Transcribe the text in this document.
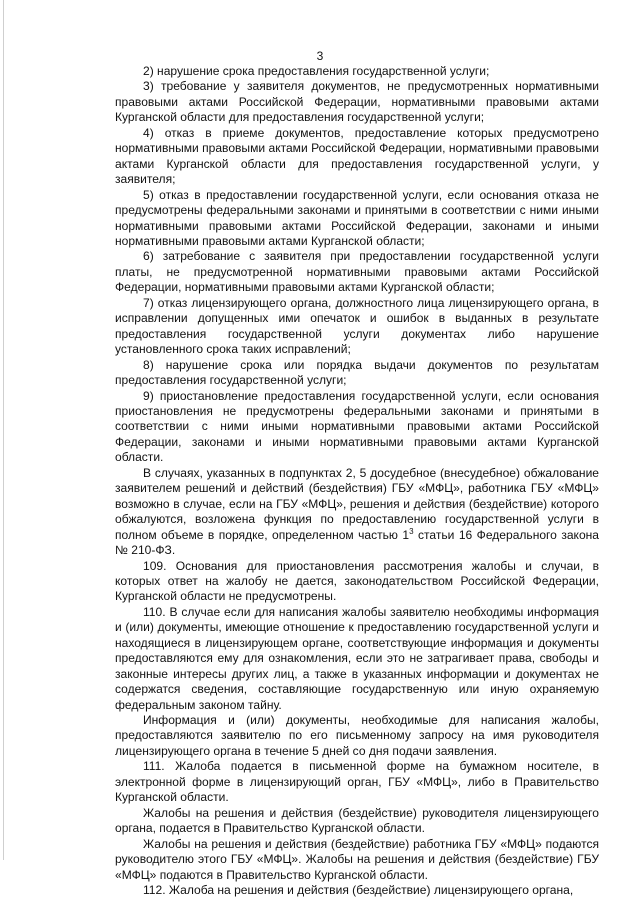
3

2) нарушение срока предоставления государственной услуги;

3) требование у заявителя документов, не предусмотренных нормативными правовыми актами Российской Федерации, нормативными правовыми актами Курганской области для предоставления государственной услуги;

4) отказ в приеме документов, предоставление которых предусмотрено нормативными правовыми актами Российской Федерации, нормативными правовыми актами Курганской области для предоставления государственной услуги, у заявителя;

5) отказ в предоставлении государственной услуги, если основания отказа не предусмотрены федеральными законами и принятыми в соответствии с ними иными нормативными правовыми актами Российской Федерации, законами и иными нормативными правовыми актами Курганской области;

6) затребование с заявителя при предоставлении государственной услуги платы, не предусмотренной нормативными правовыми актами Российской Федерации, нормативными правовыми актами Курганской области;

7) отказ лицензирующего органа, должностного лица лицензирующего органа, в исправлении допущенных ими опечаток и ошибок в выданных в результате предоставления государственной услуги документах либо нарушение установленного срока таких исправлений;

8) нарушение срока или порядка выдачи документов по результатам предоставления государственной услуги;

9) приостановление предоставления государственной услуги, если основания приостановления не предусмотрены федеральными законами и принятыми в соответствии с ними иными нормативными правовыми актами Российской Федерации, законами и иными нормативными правовыми актами Курганской области.

В случаях, указанных в подпунктах 2, 5 досудебное (внесудебное) обжалование заявителем решений и действий (бездействия) ГБУ «МФЦ», работника ГБУ «МФЦ» возможно в случае, если на ГБУ «МФЦ», решения и действия (бездействие) которого обжалуются, возложена функция по предоставлению государственной услуги в полном объеме в порядке, определенном частью $1^3$ статьи 16 Федерального закона № 210-ФЗ.

109. Основания для приостановления рассмотрения жалобы и случаи, в которых ответ на жалобу не дается, законодательством Российской Федерации, Курганской области не предусмотрены.

110. В случае если для написания жалобы заявителю необходимы информация и (или) документы, имеющие отношение к предоставлению государственной услуги и находящиеся в лицензирующем органе, соответствующие информация и документы предоставляются ему для ознакомления, если это не затрагивает права, свободы и законные интересы других лиц, а также в указанных информации и документах не содержатся сведения, составляющие государственную или иную охраняемую федеральным законом тайну.

Информация и (или) документы, необходимые для написания жалобы, предоставляются заявителю по его письменному запросу на имя руководителя лицензирующего органа в течение 5 дней со дня подачи заявления.

111. Жалоба подается в письменной форме на бумажном носителе, в электронной форме в лицензирующий орган, ГБУ «МФЦ», либо в Правительство Курганской области.

Жалобы на решения и действия (бездействие) руководителя лицензирующего органа, подается в Правительство Курганской области.

Жалобы на решения и действия (бездействие) работника ГБУ «МФЦ» подаются руководителю этого ГБУ «МФЦ». Жалобы на решения и действия (бездействие) ГБУ «МФЦ» подаются в Правительство Курганской области.

112. Жалоба на решения и действия (бездействие) лицензирующего органа,
